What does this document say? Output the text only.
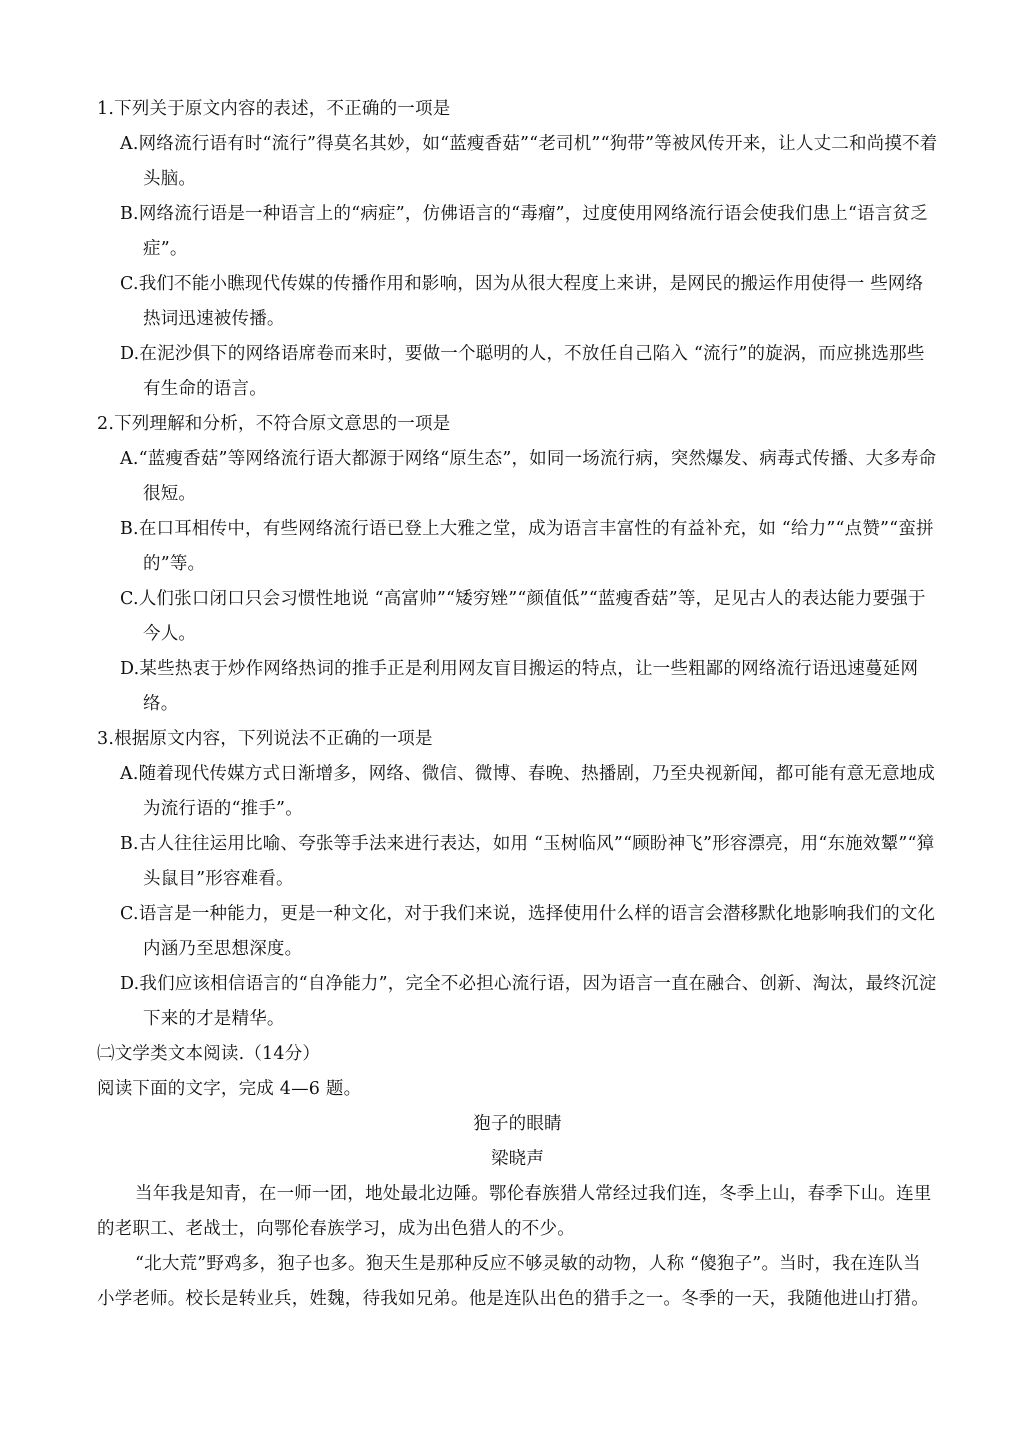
1.下列关于原文内容的表述，不正确的一项是

A.网络流行语有时“流行”得莫名其妙，如“蓝瘦香菇”“老司机”“狗带”等被风传开来，让人丈二和尚摸不着头脑。

B.网络流行语是一种语言上的“病症”，仿佛语言的“毒瘤”，过度使用网络流行语会使我们患上“语言贫乏症”。

C.我们不能小瞧现代传媒的传播作用和影响，因为从很大程度上来讲，是网民的搬运作用使得一 些网络热词迅速被传播。

D.在泥沙俱下的网络语席卷而来时，要做一个聪明的人，不放任自己陷入 “流行”的旋涡，而应挑选那些有生命的语言。

2.下列理解和分析，不符合原文意思的一项是

A.“蓝瘦香菇”等网络流行语大都源于网络“原生态”，如同一场流行病，突然爆发、病毒式传播、大多寿命很短。

B.在口耳相传中，有些网络流行语已登上大雅之堂，成为语言丰富性的有益补充，如 “给力”“点赞”“蛮拼的”等。

C.人们张口闭口只会习惯性地说 “高富帅”“矮穷矬”“颜值低”“蓝瘦香菇”等，足见古人的表达能力要强于今人。

D.某些热衷于炒作网络热词的推手正是利用网友盲目搬运的特点，让一些粗鄙的网络流行语迅速蔓延网络。

3.根据原文内容，下列说法不正确的一项是

A.随着现代传媒方式日渐增多，网络、微信、微博、春晚、热播剧，乃至央视新闻，都可能有意无意地成为流行语的“推手”。

B.古人往往运用比喻、夸张等手法来进行表达，如用 “玉树临风”“顾盼神飞”形容漂亮，用“东施效颦”“獐头鼠目”形容难看。

C.语言是一种能力，更是一种文化，对于我们来说，选择使用什么样的语言会潜移默化地影响我们的文化内涵乃至思想深度。

D.我们应该相信语言的“自净能力”，完全不必担心流行语，因为语言一直在融合、创新、淘汰，最终沉淀下来的才是精华。

㈡文学类文本阅读.（14分）

阅读下面的文字，完成 4—6 题。

狍子的眼睛

梁晓声

当年我是知青，在一师一团，地处最北边陲。鄂伦春族猎人常经过我们连，冬季上山，春季下山。连里的老职工、老战士，向鄂伦春族学习，成为出色猎人的不少。

“北大荒”野鸡多，狍子也多。狍天生是那种反应不够灵敏的动物，人称 “傻狍子”。当时，我在连队当小学老师。校长是转业兵，姓魏，待我如兄弟。他是连队出色的猎手之一。冬季的一天，我随他进山打猎。
